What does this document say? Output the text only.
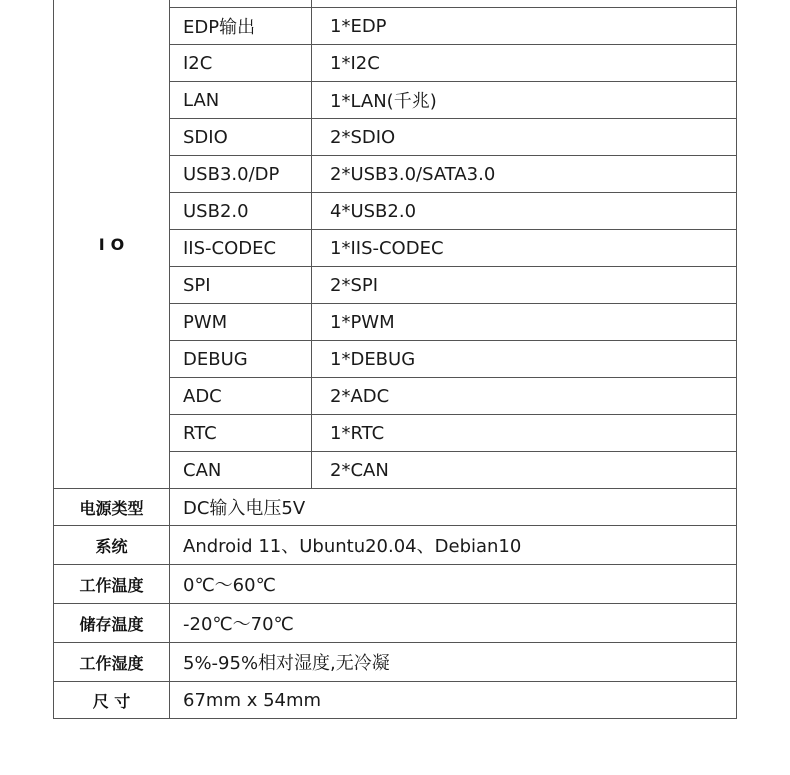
IO		
	EDP输出	1*EDP
	I2C	1*I2C
	LAN	1*LAN(千兆)
	SDIO	2*SDIO
	USB3.0/DP	2*USB3.0/SATA3.0
	USB2.0	4*USB2.0
	IIS-CODEC	1*IIS-CODEC
	SPI	2*SPI
	PWM	1*PWM
	DEBUG	1*DEBUG
	ADC	2*ADC
	RTC	1*RTC
	CAN	2*CAN
电源类型	DC输入电压5V	
系统	Android 11、Ubuntu20.04、Debian10	
工作温度	0℃～60℃	
储存温度	-20℃～70℃	
工作湿度	5%-95%相对湿度,无冷凝	
尺 寸	67mm x 54mm	
